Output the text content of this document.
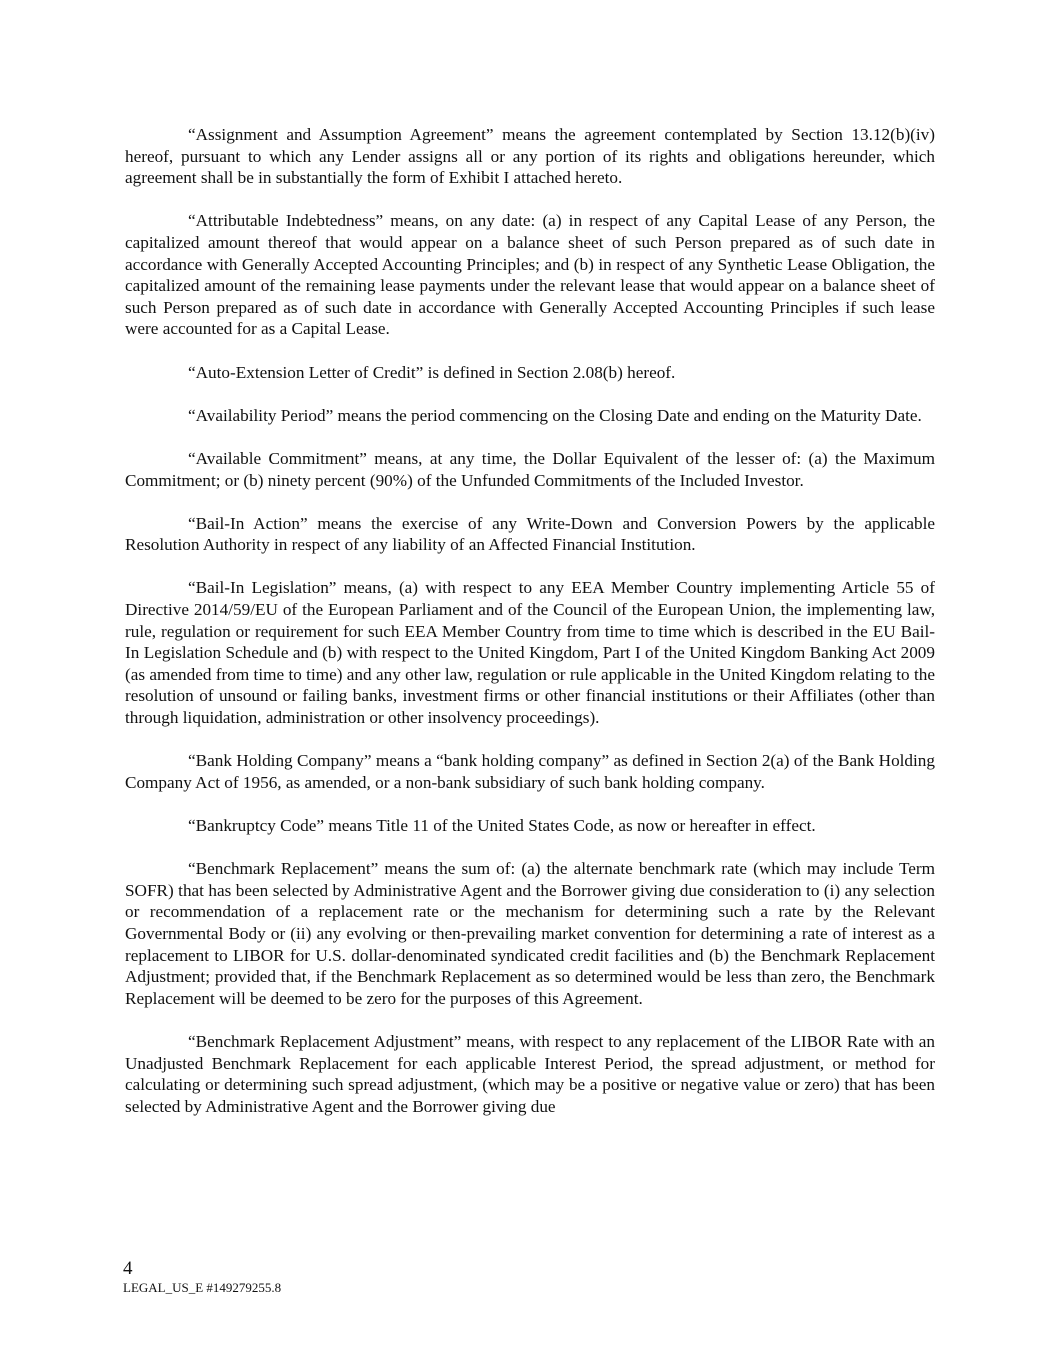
“Assignment and Assumption Agreement” means the agreement contemplated by Section 13.12(b)(iv) hereof, pursuant to which any Lender assigns all or any portion of its rights and obligations hereunder, which agreement shall be in substantially the form of Exhibit I attached hereto.

“Attributable Indebtedness” means, on any date: (a) in respect of any Capital Lease of any Person, the capitalized amount thereof that would appear on a balance sheet of such Person prepared as of such date in accordance with Generally Accepted Accounting Principles; and (b) in respect of any Synthetic Lease Obligation, the capitalized amount of the remaining lease payments under the relevant lease that would appear on a balance sheet of such Person prepared as of such date in accordance with Generally Accepted Accounting Principles if such lease were accounted for as a Capital Lease.

“Auto-Extension Letter of Credit” is defined in Section 2.08(b) hereof.

“Availability Period” means the period commencing on the Closing Date and ending on the Maturity Date.

“Available Commitment” means, at any time, the Dollar Equivalent of the lesser of: (a) the Maximum Commitment; or (b) ninety percent (90%) of the Unfunded Commitments of the Included Investor.

“Bail-In Action” means the exercise of any Write-Down and Conversion Powers by the applicable Resolution Authority in respect of any liability of an Affected Financial Institution.

“Bail-In Legislation” means, (a) with respect to any EEA Member Country implementing Article 55 of Directive 2014/59/EU of the European Parliament and of the Council of the European Union, the implementing law, rule, regulation or requirement for such EEA Member Country from time to time which is described in the EU Bail-In Legislation Schedule and (b) with respect to the United Kingdom, Part I of the United Kingdom Banking Act 2009 (as amended from time to time) and any other law, regulation or rule applicable in the United Kingdom relating to the resolution of unsound or failing banks, investment firms or other financial institutions or their Affiliates (other than through liquidation, administration or other insolvency proceedings).

“Bank Holding Company” means a “bank holding company” as defined in Section 2(a) of the Bank Holding Company Act of 1956, as amended, or a non-bank subsidiary of such bank holding company.

“Bankruptcy Code” means Title 11 of the United States Code, as now or hereafter in effect.

“Benchmark Replacement” means the sum of: (a) the alternate benchmark rate (which may include Term SOFR) that has been selected by Administrative Agent and the Borrower giving due consideration to (i) any selection or recommendation of a replacement rate or the mechanism for determining such a rate by the Relevant Governmental Body or (ii) any evolving or then-prevailing market convention for determining a rate of interest as a replacement to LIBOR for U.S. dollar-denominated syndicated credit facilities and (b) the Benchmark Replacement Adjustment; provided that, if the Benchmark Replacement as so determined would be less than zero, the Benchmark Replacement will be deemed to be zero for the purposes of this Agreement.

“Benchmark Replacement Adjustment” means, with respect to any replacement of the LIBOR Rate with an Unadjusted Benchmark Replacement for each applicable Interest Period, the spread adjustment, or method for calculating or determining such spread adjustment, (which may be a positive or negative value or zero) that has been selected by Administrative Agent and the Borrower giving due

4
LEGAL_US_E #149279255.8
